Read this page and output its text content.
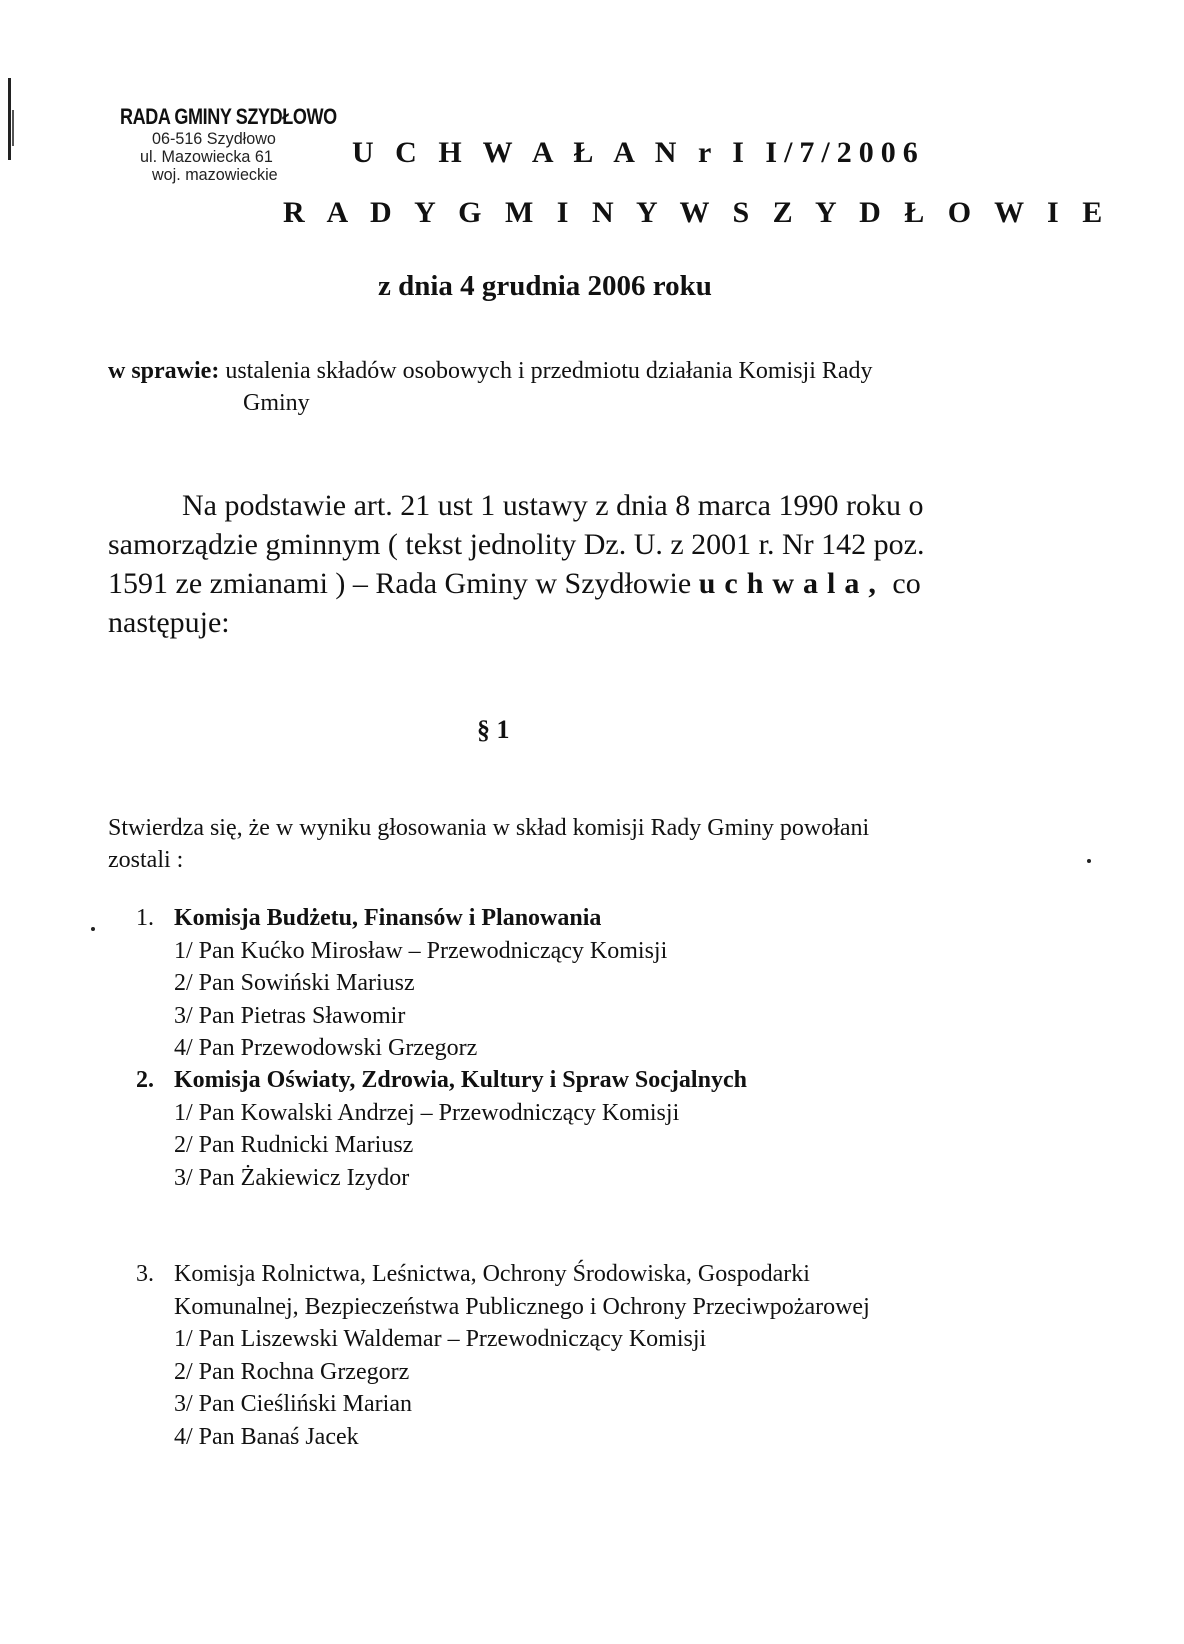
RADA GMINY SZYDŁOWO
06-516 Szydłowo
ul. Mazowiecka 61
woj. mazowieckie
U C H W A Ł A N r I I/7/2006
R A D Y G M I N Y W S Z Y D Ł O W I E
z dnia 4 grudnia 2006 roku
w sprawie: ustalenia składów osobowych i przedmiotu działania Komisji Rady
Gminy
Na podstawie art. 21 ust 1 ustawy z dnia 8 marca 1990 roku o
samorządzie gminnym ( tekst jednolity Dz. U. z 2001 r. Nr 142 poz.
1591 ze zmianami ) – Rada Gminy w Szydłowie uchwala, co
następuje:
§ 1
Stwierdza się, że w wyniku głosowania w skład komisji Rady Gminy powołani
zostali :
1. Komisja Budżetu, Finansów i Planowania
1/ Pan Kućko Mirosław – Przewodniczący Komisji
2/ Pan Sowiński Mariusz
3/ Pan Pietras Sławomir
4/ Pan Przewodowski Grzegorz
2. Komisja Oświaty, Zdrowia, Kultury i Spraw Socjalnych
1/ Pan Kowalski Andrzej – Przewodniczący Komisji
2/ Pan Rudnicki Mariusz
3/ Pan Żakiewicz Izydor
3. Komisja Rolnictwa, Leśnictwa, Ochrony Środowiska, Gospodarki
Komunalnej, Bezpieczeństwa Publicznego i Ochrony Przeciwpożarowej
1/ Pan Liszewski Waldemar – Przewodniczący Komisji
2/ Pan Rochna Grzegorz
3/ Pan Cieśliński Marian
4/ Pan Banaś Jacek
